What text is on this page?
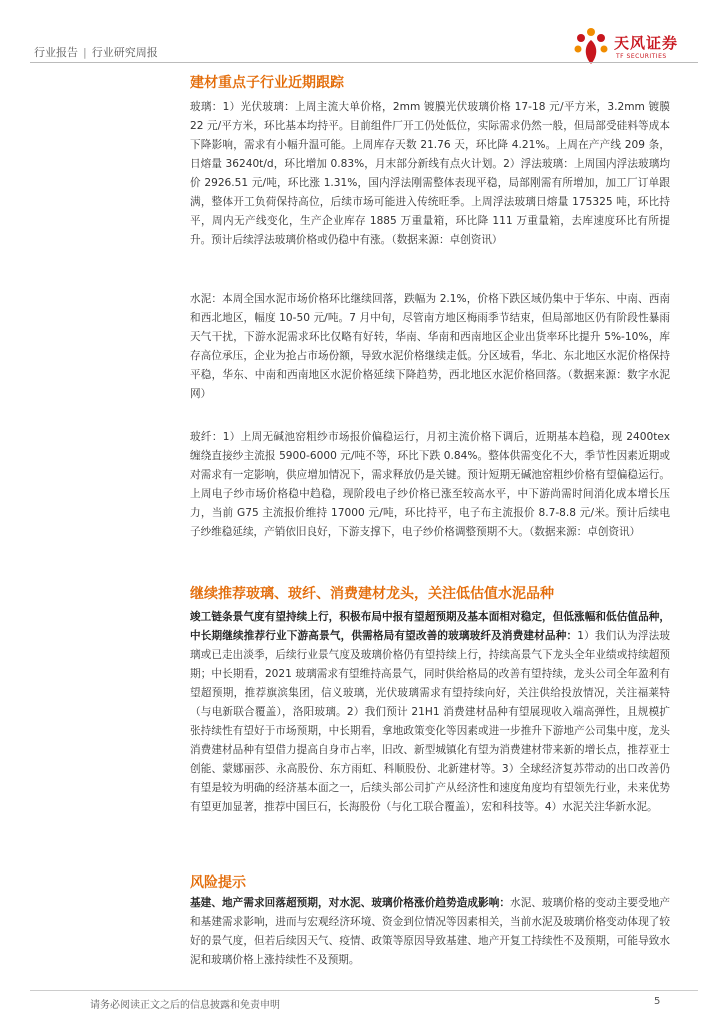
行业报告 | 行业研究周报
天风证券
TF SECURITIES
建材重点子行业近期跟踪
玻璃：1）光伏玻璃：上周主流大单价格，2mm 镀膜光伏玻璃价格 17-18 元/平方米，3.2mm 镀膜 22 元/平方米，环比基本均持平。目前组件厂开工仍处低位，实际需求仍然一般，但局部受硅料等成本下降影响，需求有小幅升温可能。上周库存天数 21.76 天，环比降 4.21%。上周在产产线 209 条，日熔量 36240t/d，环比增加 0.83%，月末部分新线有点火计划。2）浮法玻璃：上周国内浮法玻璃均价 2926.51 元/吨，环比涨 1.31%，国内浮法刚需整体表现平稳，局部刚需有所增加，加工厂订单跟满，整体开工负荷保持高位，后续市场可能进入传统旺季。上周浮法玻璃日熔量 175325 吨，环比持平，周内无产线变化，生产企业库存 1885 万重量箱，环比降 111 万重量箱，去库速度环比有所提升。预计后续浮法玻璃价格或仍稳中有涨。（数据来源：卓创资讯）
水泥：本周全国水泥市场价格环比继续回落，跌幅为 2.1%，价格下跌区域仍集中于华东、中南、西南和西北地区，幅度 10-50 元/吨。7 月中旬，尽管南方地区梅雨季节结束，但局部地区仍有阶段性暴雨天气干扰，下游水泥需求环比仅略有好转，华南、华南和西南地区企业出货率环比提升 5%-10%，库存高位承压，企业为抢占市场份额，导致水泥价格继续走低。分区域看，华北、东北地区水泥价格保持平稳，华东、中南和西南地区水泥价格延续下降趋势，西北地区水泥价格回落。（数据来源：数字水泥网）
玻纤：1）上周无碱池窑粗纱市场报价偏稳运行，月初主流价格下调后，近期基本趋稳，现 2400tex 缠绕直接纱主流报 5900-6000 元/吨不等，环比下跌 0.84%。整体供需变化不大，季节性因素近期或对需求有一定影响，供应增加情况下，需求释放仍是关键。预计短期无碱池窑粗纱价格有望偏稳运行。上周电子纱市场价格稳中趋稳，现阶段电子纱价格已涨至较高水平，中下游尚需时间消化成本增长压力，当前 G75 主流报价维持 17000 元/吨，环比持平，电子布主流报价 8.7-8.8 元/米。预计后续电子纱维稳延续，产销依旧良好，下游支撑下，电子纱价格调整预期不大。（数据来源：卓创资讯）
继续推荐玻璃、玻纤、消费建材龙头，关注低估值水泥品种
竣工链条景气度有望持续上行，积极布局中报有望超预期及基本面相对稳定，但低涨幅和低估值品种，中长期继续推荐行业下游高景气，供需格局有望改善的玻璃玻纤及消费建材品种：1）我们认为浮法玻璃或已走出淡季，后续行业景气度及玻璃价格仍有望持续上行，持续高景气下龙头全年业绩或持续超预期；中长期看，2021 玻璃需求有望维持高景气，同时供给格局的改善有望持续，龙头公司全年盈利有望超预期，推荐旗滨集团，信义玻璃，光伏玻璃需求有望持续向好，关注供给投放情况，关注福莱特（与电新联合覆盖），洛阳玻璃。2）我们预计 21H1 消费建材品种有望展现收入端高弹性，且规模扩张持续性有望好于市场预期，中长期看，拿地政策变化等因素或进一步推升下游地产公司集中度，龙头消费建材品种有望借力提高自身市占率，旧改、新型城镇化有望为消费建材带来新的增长点，推荐亚士创能、蒙娜丽莎、永高股份、东方雨虹、科顺股份、北新建材等。3）全球经济复苏带动的出口改善仍有望是较为明确的经济基本面之一，后续头部公司扩产从经济性和速度角度均有望领先行业，未来优势有望更加显著，推荐中国巨石，长海股份（与化工联合覆盖），宏和科技等。4）水泥关注华新水泥。
风险提示
基建、地产需求回落超预期，对水泥、玻璃价格涨价趋势造成影响：水泥、玻璃价格的变动主要受地产和基建需求影响，进而与宏观经济环境、资金到位情况等因素相关，当前水泥及玻璃价格变动体现了较好的景气度，但若后续因天气、疫情、政策等原因导致基建、地产开复工持续性不及预期，可能导致水泥和玻璃价格上涨持续性不及预期。
请务必阅读正文之后的信息披露和免责申明	5
